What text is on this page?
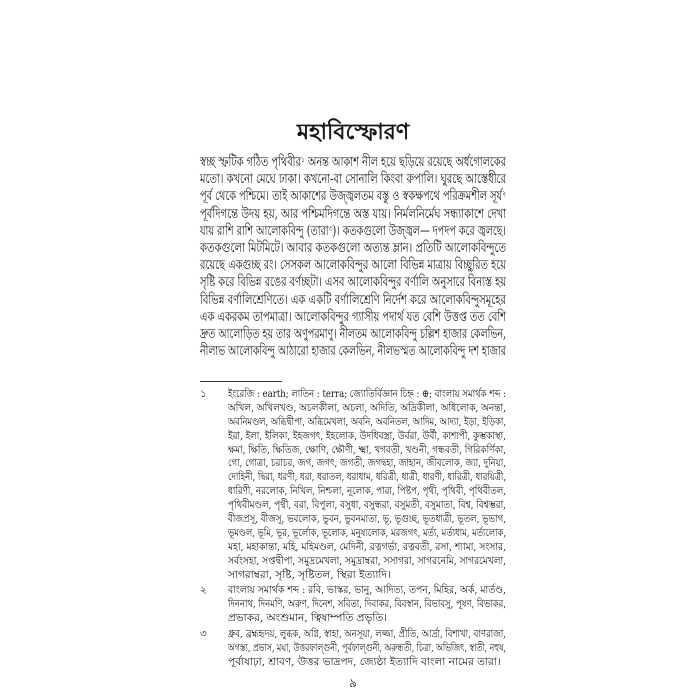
মহাবিস্ফোরণ
স্বচ্ছ স্ফটিক গঠিত পৃথিবীর$^১$ অনন্ত আকাশ নীল হয়ে ছড়িয়ে রয়েছে অর্ধগোলকের
মতো। কখনো মেঘে ঢাকা। কখনো-বা সোনালি কিংবা রুপালি। ঘুরছে আস্তেধীরে
পূর্ব থেকে পশ্চিমে। তাই আকাশের উজ্জ্বলতম বস্তু ও স্বকক্ষপথে পরিক্রমশীল সূর্য$^২$
পূর্বদিগন্তে উদয় হয়, আর পশ্চিমদিগন্তে অস্ত যায়। নির্মলনির্মেঘ সন্ধ্যাকাশে দেখা
যায় রাশি রাশি আলোকবিন্দু (তারা$^৩$)। কতকগুলো উজ্জ্বল— দপদপ করে জ্বলছে।
কতকগুলো মিটমিটে। আবার কতকগুলো অত্যন্ত ম্লান। প্রতিটি আলোকবিন্দুতে
রয়েছে একগুচ্ছ রং। সেসকল আলোকবিন্দুর আলো বিভিন্ন মাত্রায় বিচ্ছুরিত হয়ে
সৃষ্টি করে বিভিন্ন রঙের বর্ণচ্ছটা। এসব আলোকবিন্দুর বর্ণালি অনুসারে বিন্যস্ত হয়
বিভিন্ন বর্ণালিশ্রেণিতে। এক একটি বর্ণালিশ্রেণি নির্দেশ করে আলোকবিন্দুসমূহের
এক একরকম তাপমাত্রা। আলোকবিন্দুর গ্যাসীয় পদার্থ যত বেশি উত্তপ্ত তত বেশি
দ্রুত আলোড়িত হয় তার অণুপরমাণু। নীলতম আলোকবিন্দু চল্লিশ হাজার কেলভিন,
নীলাভ আলোকবিন্দু আঠারো হাজার কেলভিন, নীলভস্মত আলোকবিন্দু দশ হাজার
১	ইংরেজি : earth; লাতিন : terra; জ্যোতির্বিজ্ঞান চিহ্ন : ⊕; বাংলায় সমার্থক শব্দ :
অখিল, অখিলখণ্ড, অচলকীলা, অচলা, অদিতি, অদ্রিকীলা, অধিলোক, অনন্তা,
অবনিমণ্ডল, অব্ধিদ্বীপা, অব্ধিমেখলা, অবনি, অবনিতল, আদিম, আদ্যা, ইড়া, ইড়িকা,
ইরা, ইলা, ইলিকা, ইহজগৎ, ইহলোক, উদধিবস্ত্রা, উর্বরা, উর্বী, কাশ্যপী, কুম্ভকাস্থা,
ক্ষমা, ক্ষিতি, ক্ষিতিজ, ক্ষোণি, ক্ষৌণী, ক্ষ্মা, খগবতী, খণ্ডনী, গন্ধবতী, গিরিকর্ণিকা,
গো, গোত্রা, চরাচর, জগ, জগৎ, জগতী, জগদ্বহা, জাহান, জীবলোক, জ্যা, দুনিয়া,
দোহিনী, দ্বিরা, ধরণী, ধরা, ধরাতল, ধরাধাম, ধরিত্রী, ধাত্রী, ধারণী, ধারিত্রী, ধারয়িত্রী,
ধারিণী, নরলোক, নিখিল, নিশ্চলা, নূলোক, পারা, পিষ্টপ, পৃথী, পৃথিবী, পৃথিবীতল,
পৃথিবীমণ্ডল, পৃথ্বী, বরা, বিপুলা, বসুধা, বসুন্ধরা, বসুমতী, বসুমাতা, বিশ্ব, বিশ্বম্ভরা,
বীজপ্রসূ, বীজসূ, ভবলোক, ভুবন, ভুবনমাতা, ভূ, ভূগুচ্ছ, ভূতধাত্রী, ভূতল, ভূভাগ,
ভূমণ্ডল, ভূমি, ভূর, ভূর্লোক, ভূলোক, মনুষ্যলোক, মরজগৎ, মর্ত্য, মর্ত্যধাম, মর্ত্যলোক,
মহা, মহাকান্তা, মহি, মহিমণ্ডল, মেদিনী, রত্নগর্ভা, রত্নবতী, রসা, শ্যামা, সংসার,
সর্বংসহা, সপ্তদ্বীপা, সমুদ্রমেখলা, সমুদ্রাম্বরা, সসাগরা, সাগরনেমি, সাগরমেখলা,
সাগরাম্বরা, সৃষ্টি, সৃষ্টিতল, স্থিরা ইত্যাদি।
২	বাংলায় সমার্থক শব্দ : রবি, ভাস্কর, ভানু, আদিত্য, তপন, মিহির, অর্ক, মার্তণ্ড,
দিননাথ, দিনমণি, অরুণ, দিনেশ, সবিতা, দিবাকর, বিবস্বান, বিভাবসু, পূষণ, বিভাকর,
প্রভাকর, অংশুমান, ত্বিষাম্পতি প্রভৃতি।
৩	ধ্রুব, ব্রহ্মহৃদয়, লুব্ধক, অগ্নি, স্বাহা, অনসূয়া, লজ্জা, প্রীতি, আর্দ্রা, বিশাখা, বাণরাজা,
অগস্ত্য, প্রভাস, মঘা, উত্তরফাল্গুনী, পূর্বফাল্গুনী, অরুন্ধতী, চিত্রা, অভিজিৎ, স্বাতী, নহুষ,
পূর্বাষাঢ়া, শ্রাবণ, উত্তর ভাদ্রপদ, জ্যেষ্ঠা ইত্যাদি বাংলা নামের তারা।
৯
